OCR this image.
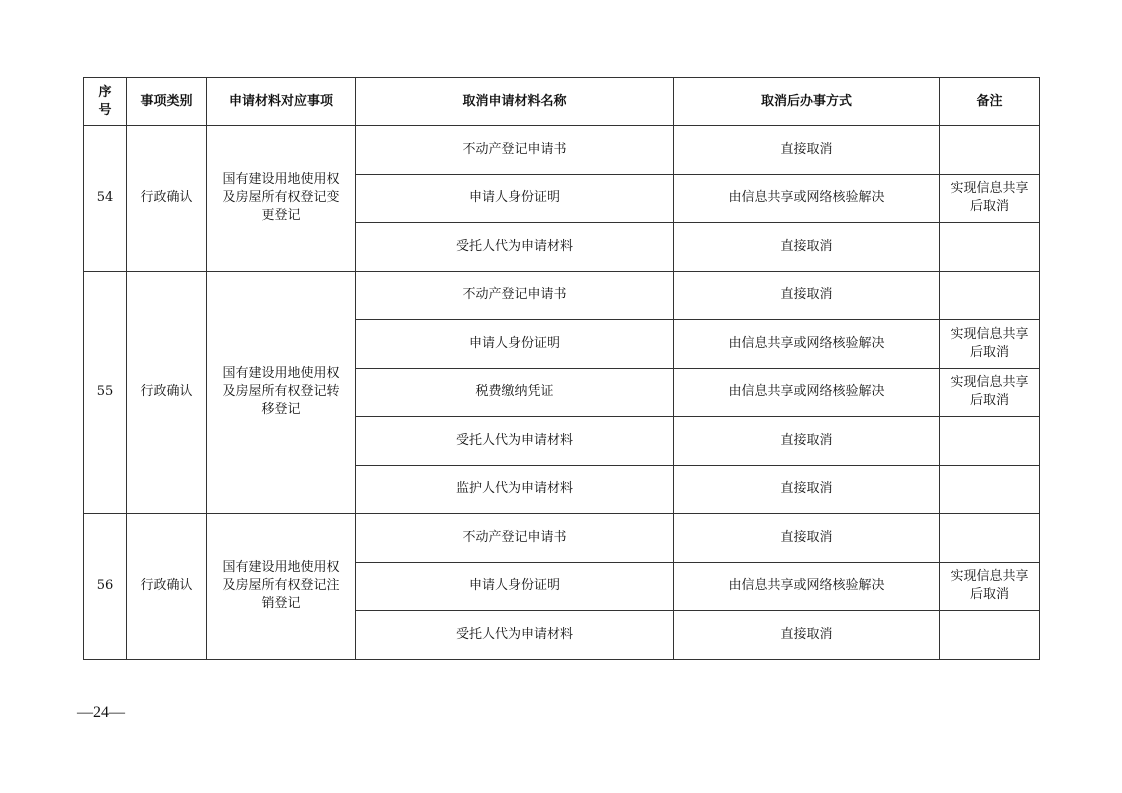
序
号	事项类别	申请材料对应事项	取消申请材料名称	取消后办事方式	备注
54	行政确认	国有建设用地使用权
及房屋所有权登记变
更登记	不动产登记申请书	直接取消	
			申请人身份证明	由信息共享或网络核验解决	实现信息共享
后取消
			受托人代为申请材料	直接取消	
55	行政确认	国有建设用地使用权
及房屋所有权登记转
移登记	不动产登记申请书	直接取消	
			申请人身份证明	由信息共享或网络核验解决	实现信息共享
后取消
			税费缴纳凭证	由信息共享或网络核验解决	实现信息共享
后取消
			受托人代为申请材料	直接取消	
			监护人代为申请材料	直接取消	
56	行政确认	国有建设用地使用权
及房屋所有权登记注
销登记	不动产登记申请书	直接取消	
			申请人身份证明	由信息共享或网络核验解决	实现信息共享
后取消
			受托人代为申请材料	直接取消	
—24—
